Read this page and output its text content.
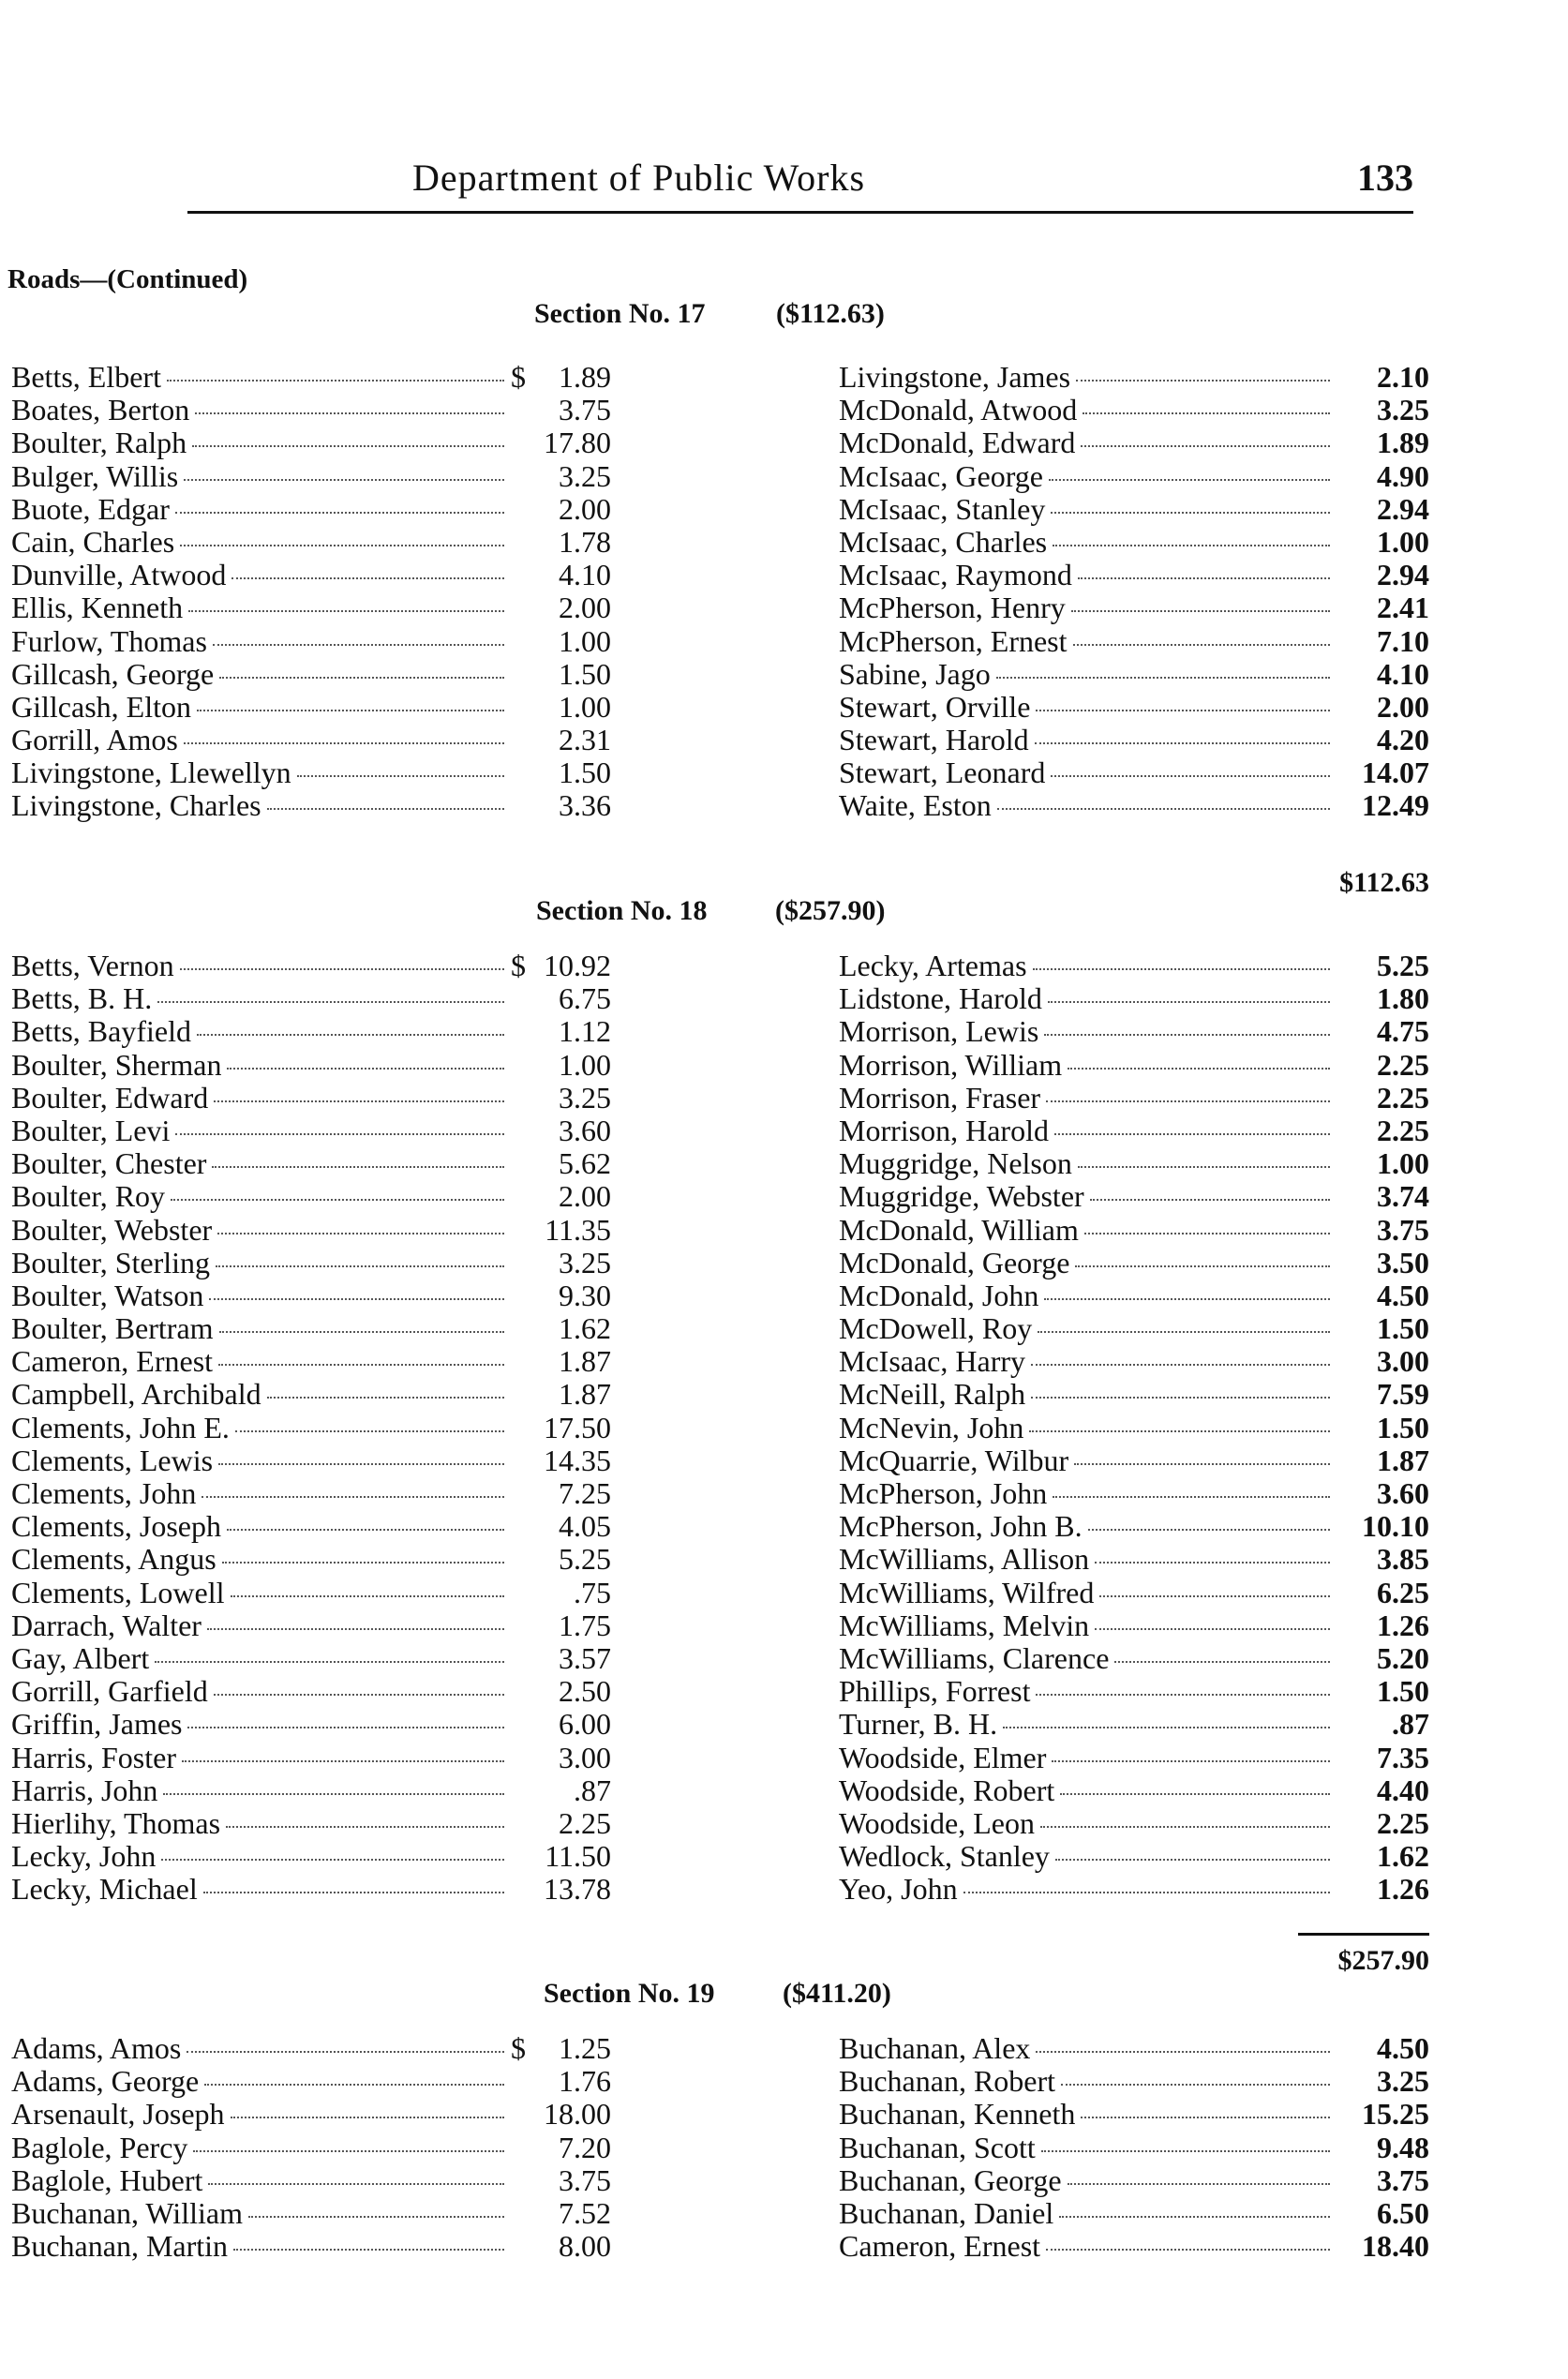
Department of Public Works	133
Roads—(Continued)
Section No. 17	($112.63)
Betts, Elbert	$	1.89
Boates, Berton	3.75
Boulter, Ralph	17.80
Bulger, Willis	3.25
Buote, Edgar	2.00
Cain, Charles	1.78
Dunville, Atwood	4.10
Ellis, Kenneth	2.00
Furlow, Thomas	1.00
Gillcash, George	1.50
Gillcash, Elton	1.00
Gorrill, Amos	2.31
Livingstone, Llewellyn	1.50
Livingstone, Charles	3.36
Livingstone, James	2.10
McDonald, Atwood	3.25
McDonald, Edward	1.89
McIsaac, George	4.90
McIsaac, Stanley	2.94
McIsaac, Charles	1.00
McIsaac, Raymond	2.94
McPherson, Henry	2.41
McPherson, Ernest	7.10
Sabine, Jago	4.10
Stewart, Orville	2.00
Stewart, Harold	4.20
Stewart, Leonard	14.07
Waite, Eston	12.49
$112.63
Section No. 18 ($257.90)
Betts, Vernon	$ 10.92
Betts, B. H.	6.75
Betts, Bayfield	1.12
Boulter, Sherman	1.00
Boulter, Edward	3.25
Boulter, Levi	3.60
Boulter, Chester	5.62
Boulter, Roy	2.00
Boulter, Webster	11.35
Boulter, Sterling	3.25
Boulter, Watson	9.30
Boulter, Bertram	1.62
Cameron, Ernest	1.87
Campbell, Archibald	1.87
Clements, John E.	17.50
Clements, Lewis	14.35
Clements, John	7.25
Clements, Joseph	4.05
Clements, Angus	5.25
Clements, Lowell	.75
Darrach, Walter	1.75
Gay, Albert	3.57
Gorrill, Garfield	2.50
Griffin, James	6.00
Harris, Foster	3.00
Harris, John	.87
Hierlihy, Thomas	2.25
Lecky, John	11.50
Lecky, Michael	13.78
Lecky, Artemas	5.25
Lidstone, Harold	1.80
Morrison, Lewis	4.75
Morrison, William	2.25
Morrison, Fraser	2.25
Morrison, Harold	2.25
Muggridge, Nelson	1.00
Muggridge, Webster	3.74
McDonald, William	3.75
McDonald, George	3.50
McDonald, John	4.50
McDowell, Roy	1.50
McIsaac, Harry	3.00
McNeill, Ralph	7.59
McNevin, John	1.50
McQuarrie, Wilbur	1.87
McPherson, John	3.60
McPherson, John B.	10.10
McWilliams, Allison	3.85
McWilliams, Wilfred	6.25
McWilliams, Melvin	1.26
McWilliams, Clarence	5.20
Phillips, Forrest	1.50
Turner, B. H.	.87
Woodside, Elmer	7.35
Woodside, Robert	4.40
Woodside, Leon	2.25
Wedlock, Stanley	1.62
Yeo, John	1.26
$257.90
Section No. 19 ($411.20)
Adams, Amos	$	1.25
Adams, George	1.76
Arsenault, Joseph	18.00
Baglole, Percy	7.20
Baglole, Hubert	3.75
Buchanan, William	7.52
Buchanan, Martin	8.00
Buchanan, Alex	4.50
Buchanan, Robert	3.25
Buchanan, Kenneth	15.25
Buchanan, Scott	9.48
Buchanan, George	3.75
Buchanan, Daniel	6.50
Cameron, Ernest	18.40
